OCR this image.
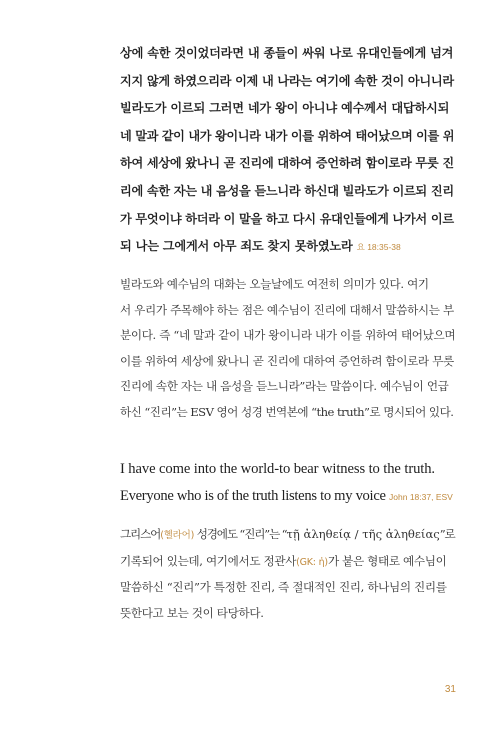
상에 속한 것이었더라면 내 종들이 싸워 나로 유대인들에게 넘겨
지지 않게 하였으리라 이제 내 나라는 여기에 속한 것이 아니니라
빌라도가 이르되 그러면 네가 왕이 아니냐 예수께서 대답하시되
네 말과 같이 내가 왕이니라 내가 이를 위하여 태어났으며 이를 위
하여 세상에 왔나니 곧 진리에 대하여 증언하려 함이로라 무릇 진
리에 속한 자는 내 음성을 듣느니라 하신대 빌라도가 이르되 진리
가 무엇이냐 하더라 이 말을 하고 다시 유대인들에게 나가서 이르
되 나는 그에게서 아무 죄도 찾지 못하였노라 요 18:35-38
빌라도와 예수님의 대화는 오늘날에도 여전히 의미가 있다. 여기
서 우리가 주목해야 하는 점은 예수님이 진리에 대해서 말씀하시는 부
분이다. 즉 “네 말과 같이 내가 왕이니라 내가 이를 위하여 태어났으며
이를 위하여 세상에 왔나니 곧 진리에 대하여 증언하려 함이로라 무릇
진리에 속한 자는 내 음성을 듣느니라”라는 말씀이다. 예수님이 언급
하신 “진리”는 ESV 영어 성경 번역본에 “the truth”로 명시되어 있다.
I have come into the world-to bear witness to the truth.
Everyone who is of the truth listens to my voice John 18:37, ESV
그리스어(헬라어) 성경에도 “진리”는 “τῇ ἀληθείᾳ / τῆς ἀληθείας”로
기록되어 있는데, 여기에서도 정관사(GK: ἡ)가 붙은 형태로 예수님이
말씀하신 “진리”가 특정한 진리, 즉 절대적인 진리, 하나님의 진리를
뜻한다고 보는 것이 타당하다.
31
